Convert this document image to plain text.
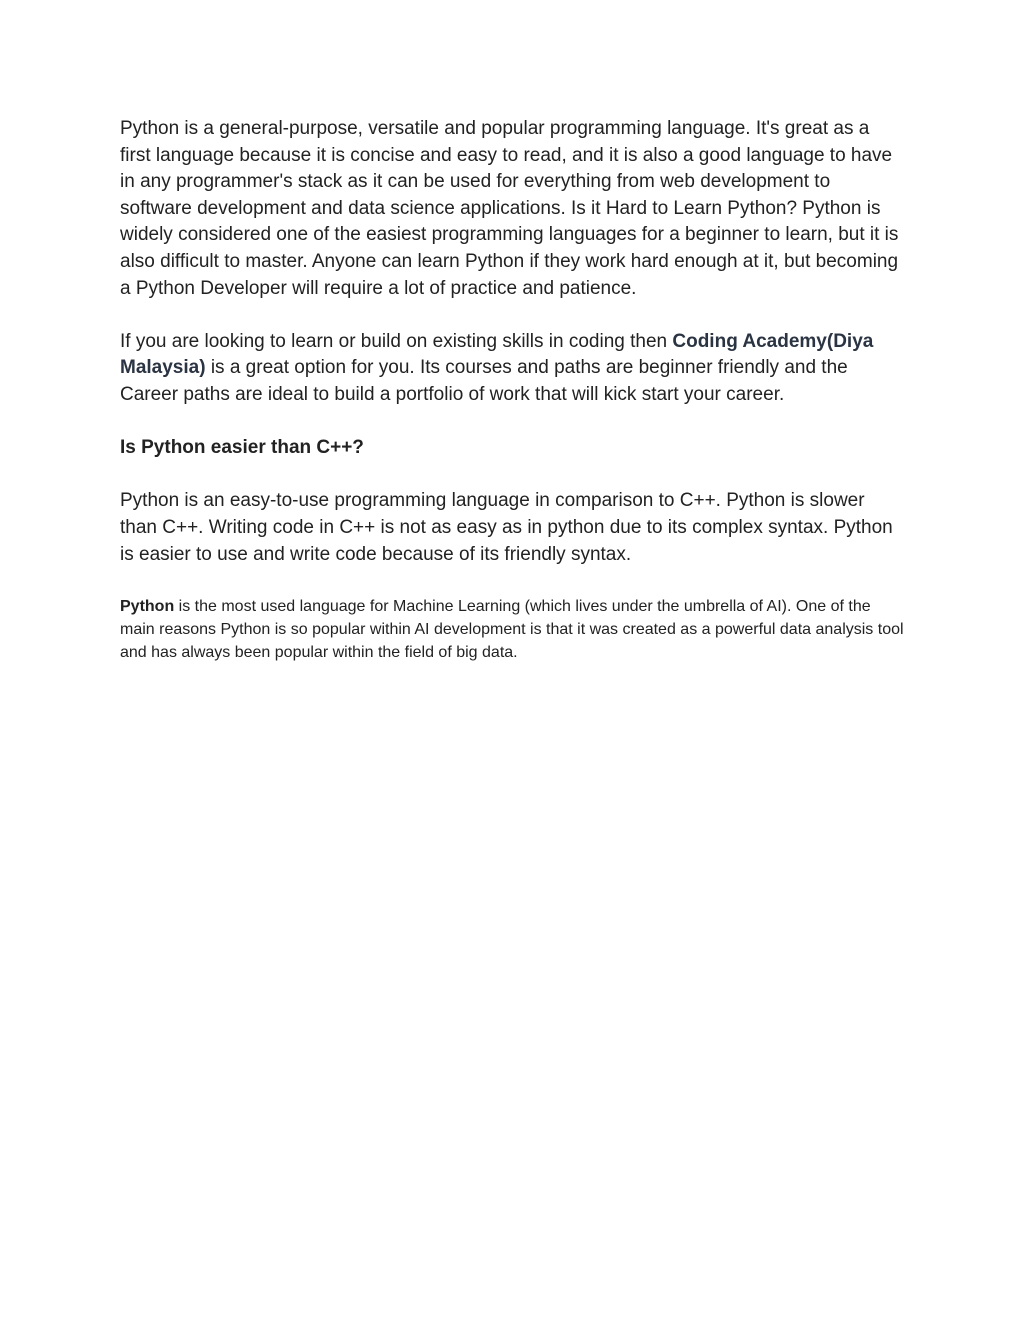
Python is a general-purpose, versatile and popular programming language. It's great as a first language because it is concise and easy to read, and it is also a good language to have in any programmer's stack as it can be used for everything from web development to software development and data science applications. Is it Hard to Learn Python? Python is widely considered one of the easiest programming languages for a beginner to learn, but it is also difficult to master. Anyone can learn Python if they work hard enough at it, but becoming a Python Developer will require a lot of practice and patience.

If you are looking to learn or build on existing skills in coding then Coding Academy(Diya Malaysia) is a great option for you. Its courses and paths are beginner friendly and the Career paths are ideal to build a portfolio of work that will kick start your career.

Is Python easier than C++?

Python is an easy-to-use programming language in comparison to C++. Python is slower than C++. Writing code in C++ is not as easy as in python due to its complex syntax. Python is easier to use and write code because of its friendly syntax.

Python is the most used language for Machine Learning (which lives under the umbrella of AI). One of the main reasons Python is so popular within AI development is that it was created as a powerful data analysis tool and has always been popular within the field of big data.
